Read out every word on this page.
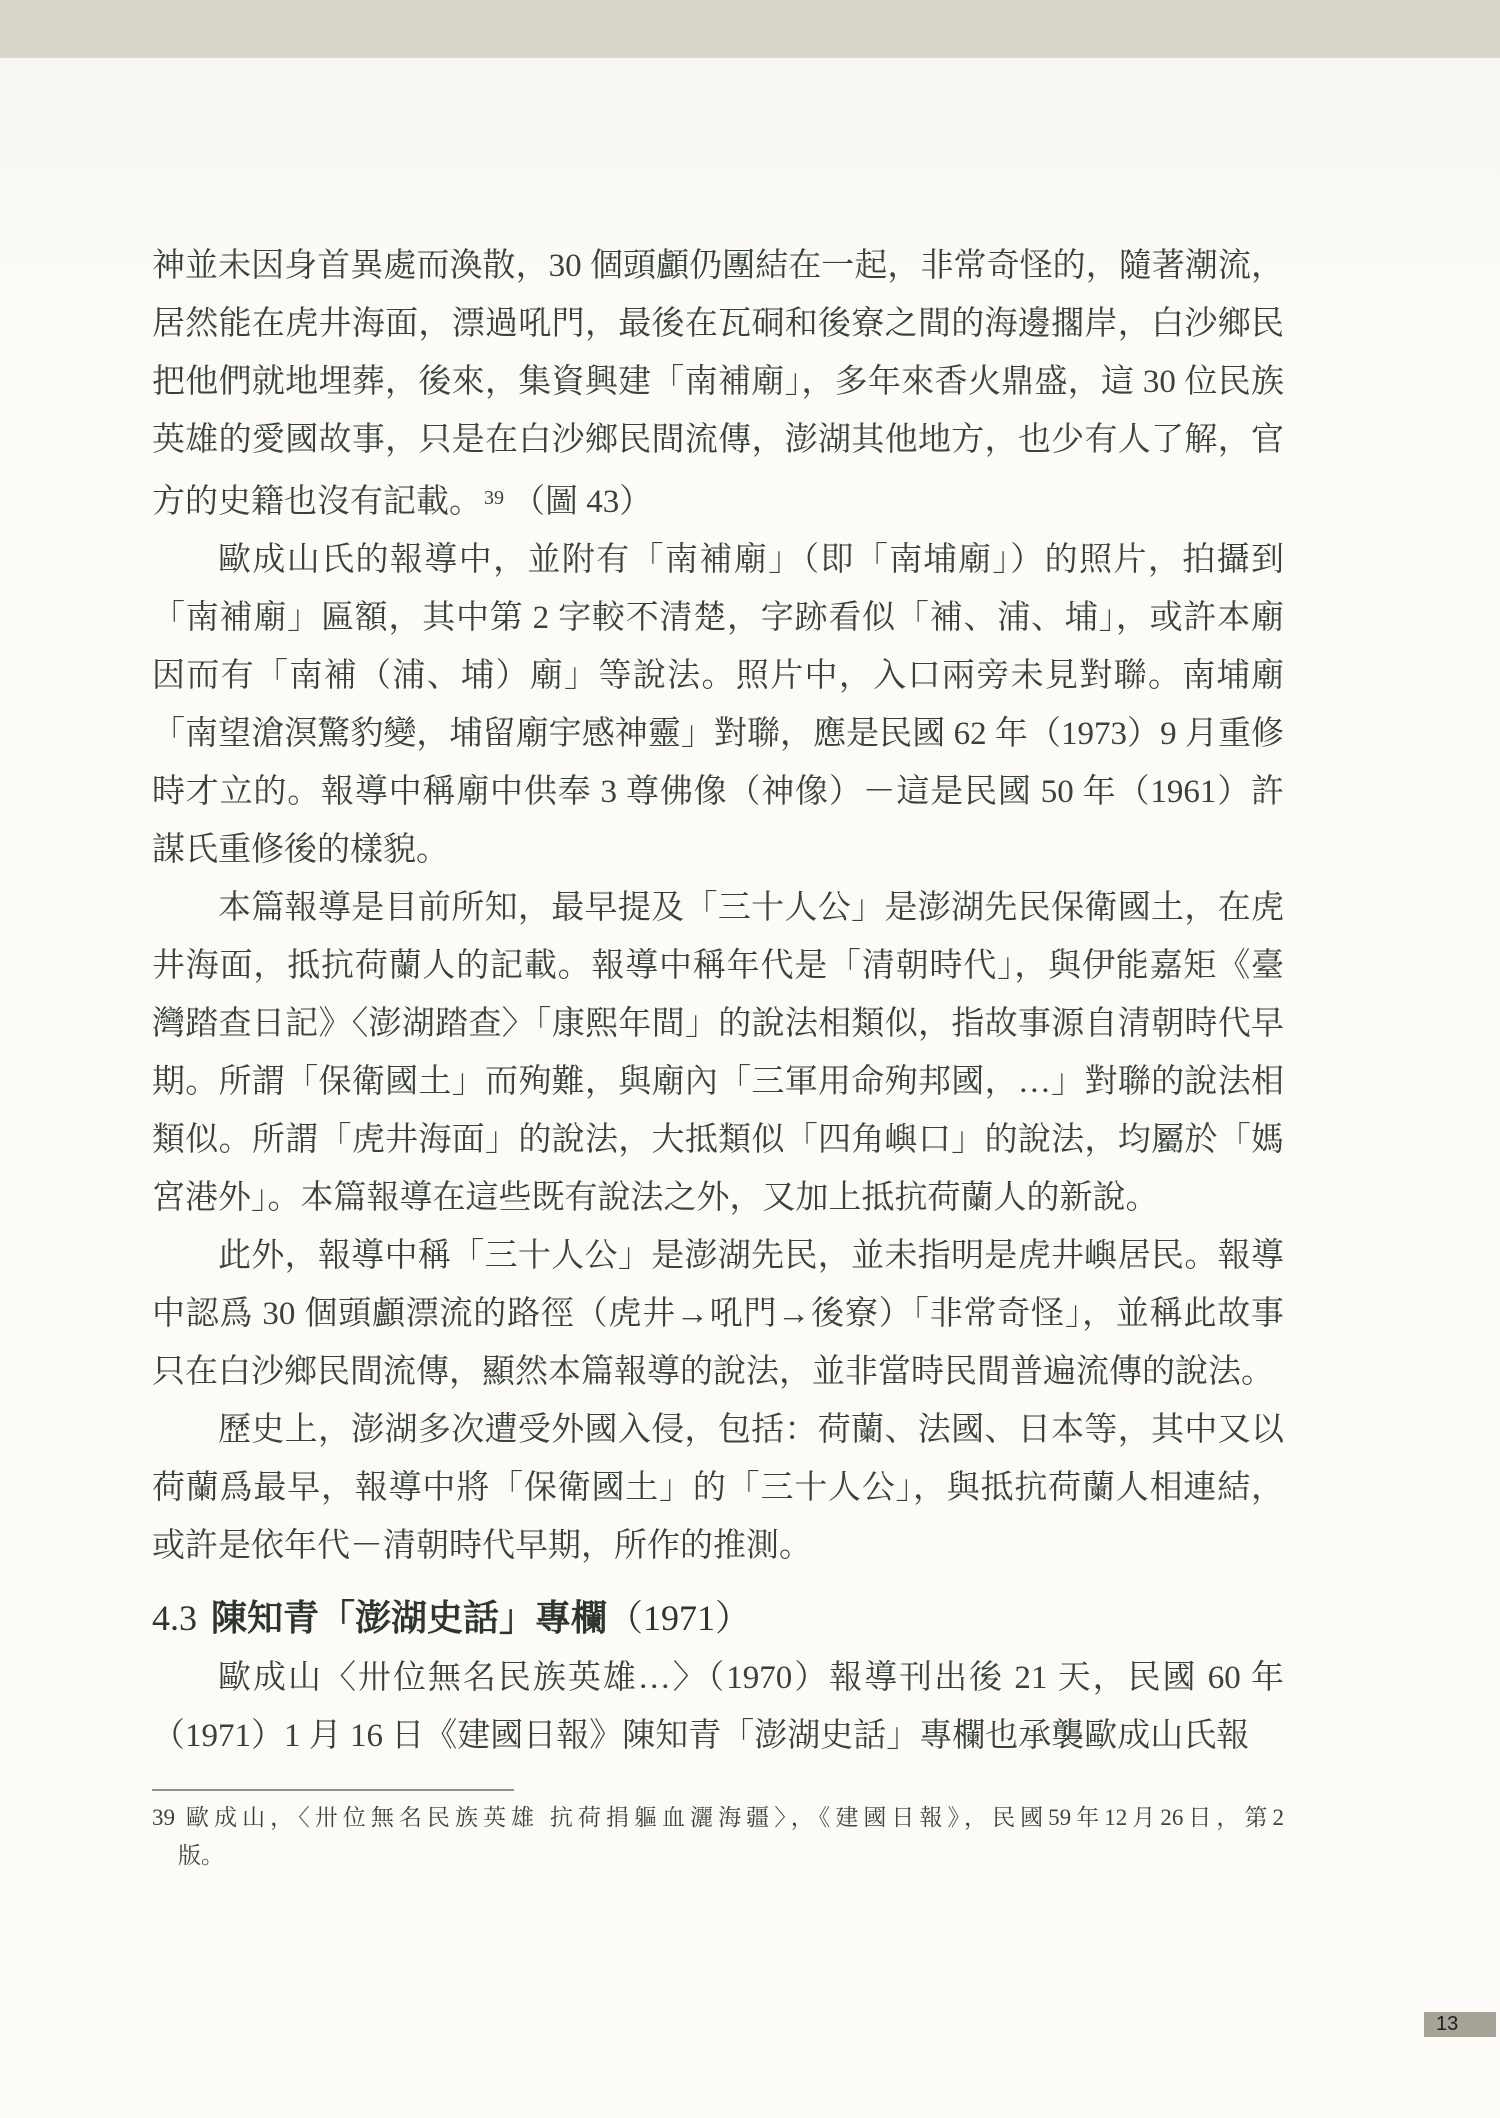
神並未因身首異處而渙散，30 個頭顱仍團結在一起，非常奇怪的，隨著潮流，居然能在虎井海面，漂過吼門，最後在瓦硐和後寮之間的海邊擱岸，白沙鄉民把他們就地埋葬，後來，集資興建「南補廟」，多年來香火鼎盛，這 30 位民族英雄的愛國故事，只是在白沙鄉民間流傳，澎湖其他地方，也少有人了解，官方的史籍也沒有記載。 $^{39}$ （圖 43）

歐成山氏的報導中，並附有「南補廟」（即「南埔廟」）的照片，拍攝到「南補廟」匾額，其中第 2 字較不清楚，字跡看似「補、浦、埔」，或許本廟因而有「南補（浦、埔）廟」等說法。照片中，入口兩旁未見對聯。南埔廟「南望滄溟驚豹變，埔留廟宇感神靈」對聯，應是民國 62 年（1973）9 月重修時才立的。報導中稱廟中供奉 3 尊佛像（神像）－這是民國 50 年（1961）許謀氏重修後的樣貌。

本篇報導是目前所知，最早提及「三十人公」是澎湖先民保衛國土，在虎井海面，抵抗荷蘭人的記載。報導中稱年代是「清朝時代」，與伊能嘉矩《臺灣踏查日記》〈澎湖踏查〉「康熙年間」的說法相類似，指故事源自清朝時代早期。所謂「保衛國土」而殉難，與廟內「三軍用命殉邦國，…」對聯的說法相類似。所謂「虎井海面」的說法，大抵類似「四角嶼口」的說法，均屬於「媽宮港外」。本篇報導在這些既有說法之外，又加上抵抗荷蘭人的新說。

此外，報導中稱「三十人公」是澎湖先民，並未指明是虎井嶼居民。報導中認爲 30 個頭顱漂流的路徑（虎井→吼門→後寮）「非常奇怪」，並稱此故事只在白沙鄉民間流傳，顯然本篇報導的說法，並非當時民間普遍流傳的說法。

歷史上，澎湖多次遭受外國入侵，包括：荷蘭、法國、日本等，其中又以荷蘭爲最早，報導中將「保衛國土」的「三十人公」，與抵抗荷蘭人相連結，或許是依年代－清朝時代早期，所作的推測。

4.3 陳知青「澎湖史話」專欄（1971）

歐成山〈卅位無名民族英雄…〉（1970）報導刊出後 21 天，民國 60 年（1971）1 月 16 日《建國日報》陳知青「澎湖史話」專欄也承襲歐成山氏報

39 歐成山，〈卅位無名民族英雄 抗荷捐軀血灑海疆〉，《建國日報》，民國59年12月26日，第2
版。
13
